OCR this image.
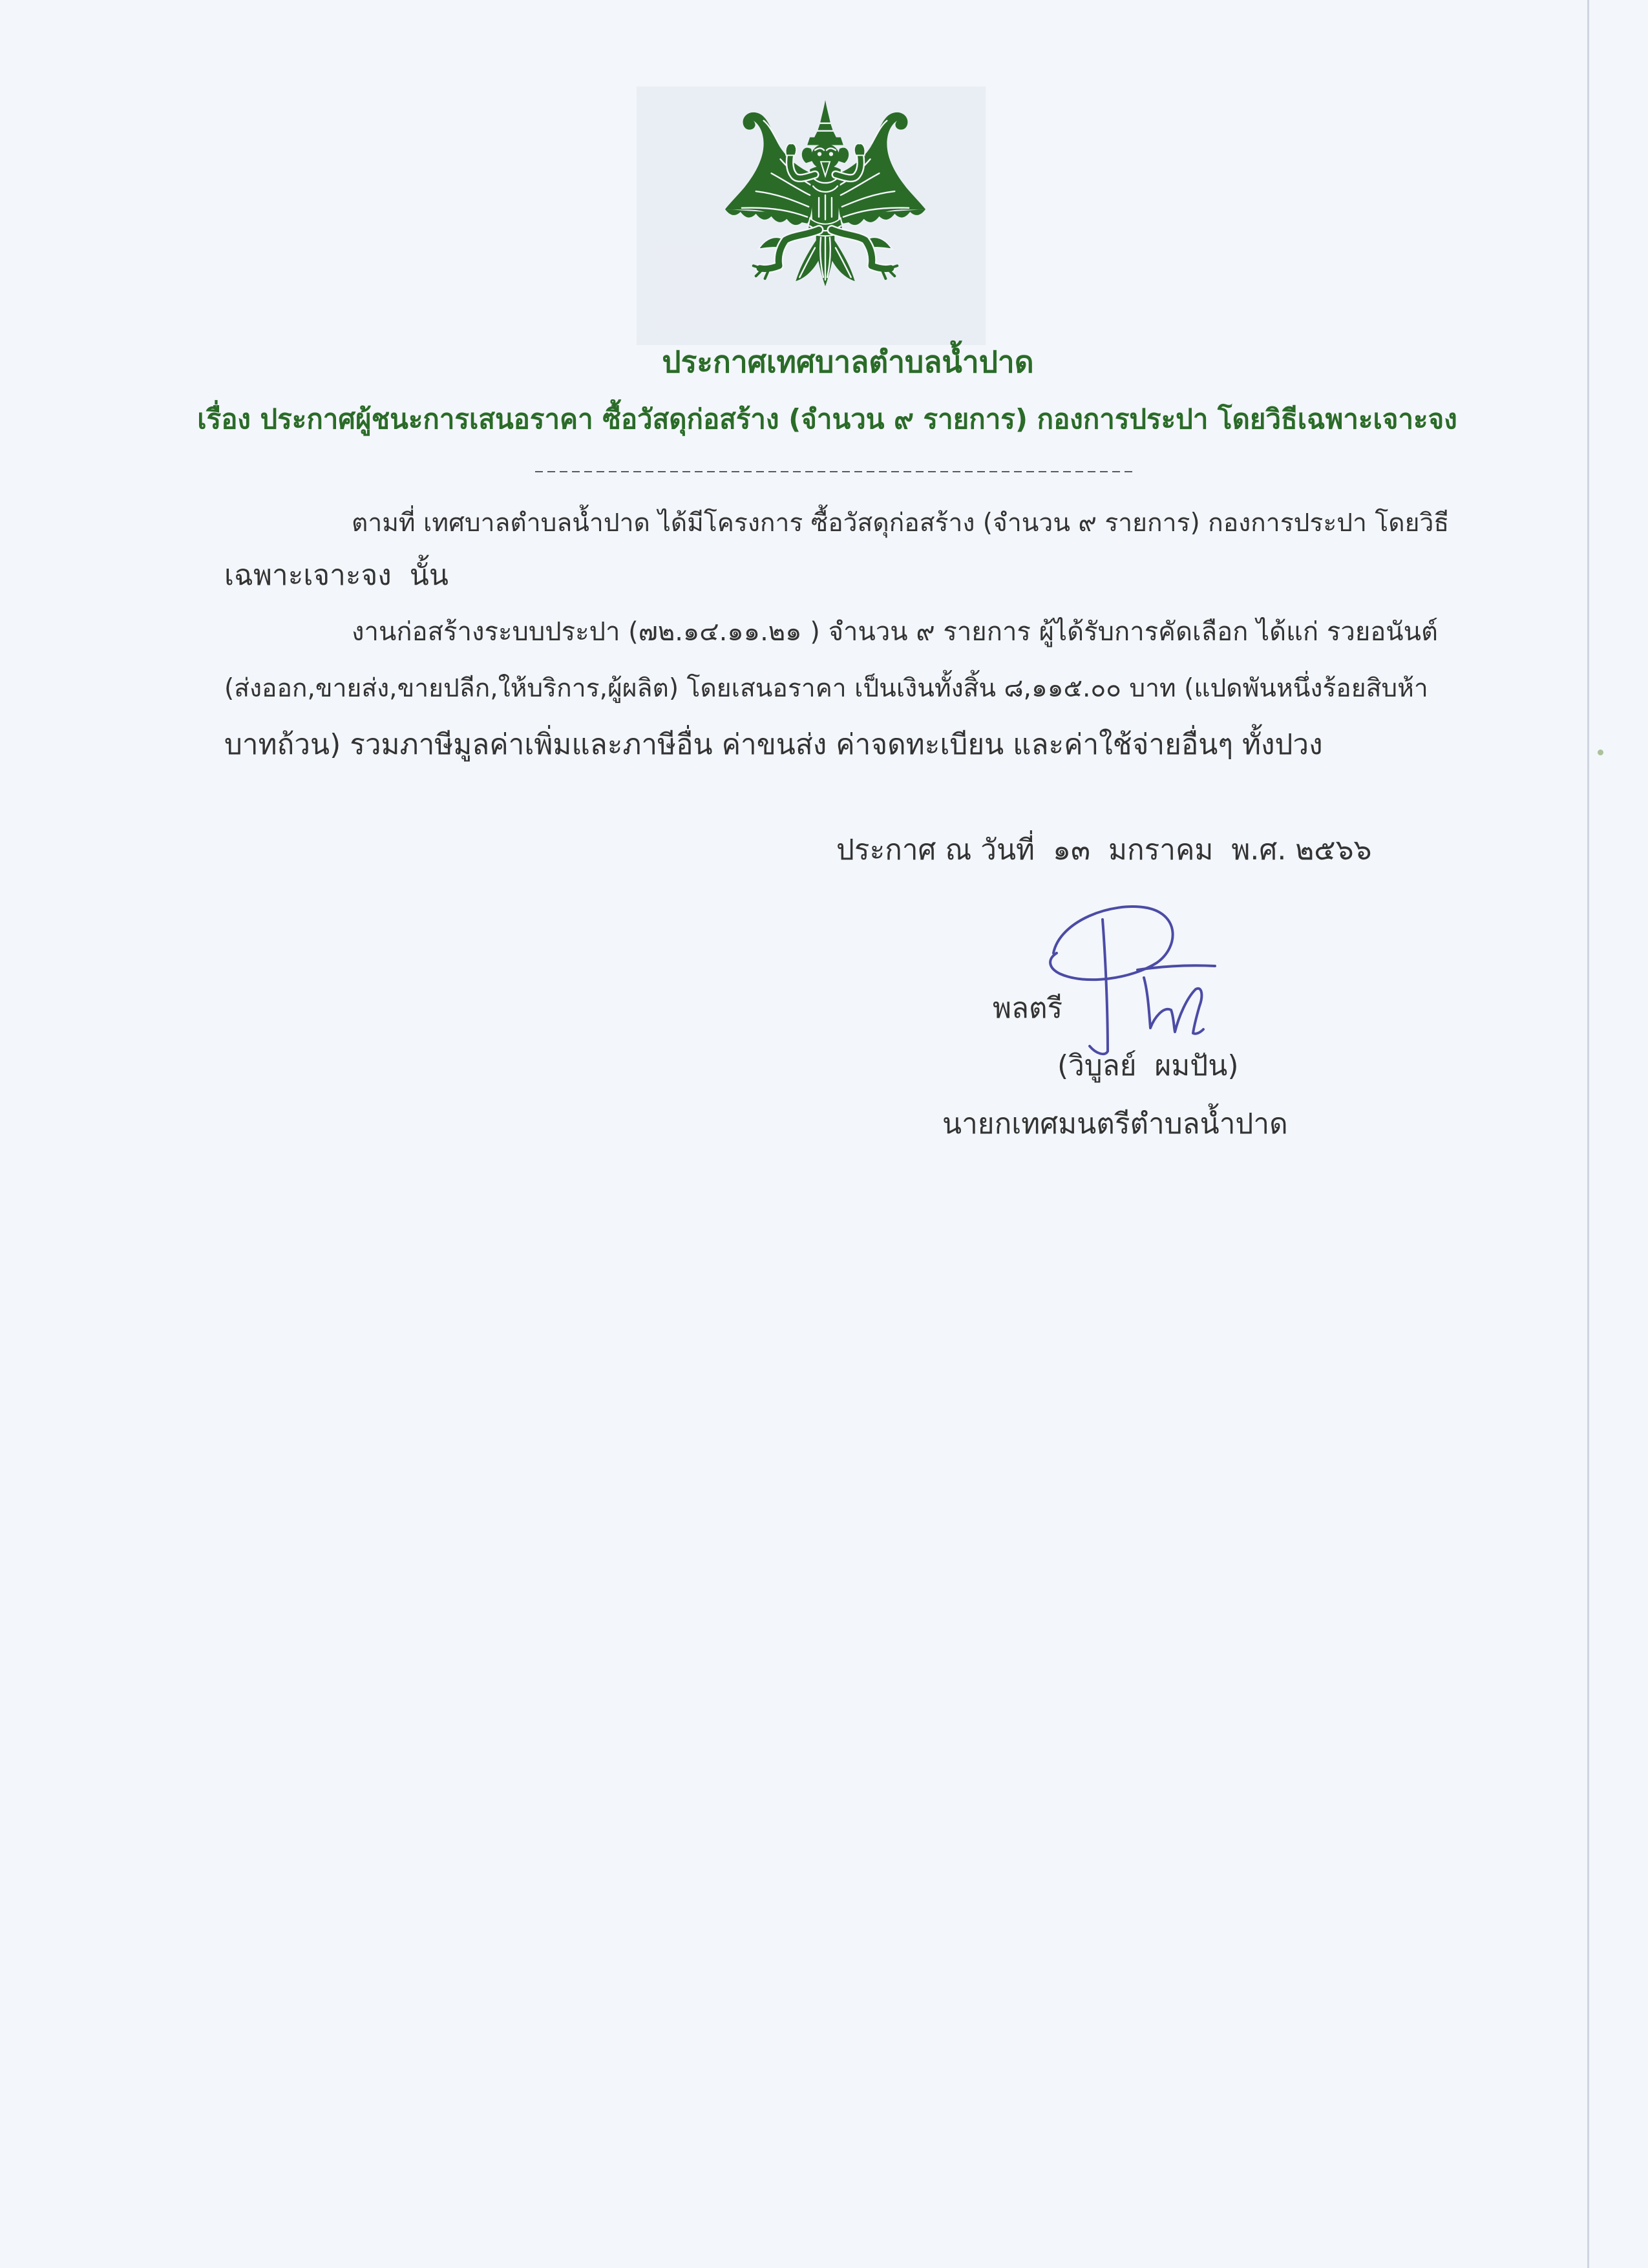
ประกาศเทศบาลตำบลน้ำปาด
เรื่อง ประกาศผู้ชนะการเสนอราคา ซื้อวัสดุก่อสร้าง (จำนวน ๙ รายการ) กองการประปา โดยวิธีเฉพาะเจาะจง
ตามที่ เทศบาลตำบลน้ำปาด ได้มีโครงการ ซื้อวัสดุก่อสร้าง (จำนวน ๙ รายการ) กองการประปา โดยวิธี
เฉพาะเจาะจง  นั้น
งานก่อสร้างระบบประปา (๗๒.๑๔.๑๑.๒๑ ) จำนวน ๙ รายการ ผู้ได้รับการคัดเลือก ได้แก่ รวยอนันต์
(ส่งออก,ขายส่ง,ขายปลีก,ให้บริการ,ผู้ผลิต) โดยเสนอราคา เป็นเงินทั้งสิ้น ๘,๑๑๕.๐๐ บาท (แปดพันหนึ่งร้อยสิบห้า
บาทถ้วน) รวมภาษีมูลค่าเพิ่มและภาษีอื่น ค่าขนส่ง ค่าจดทะเบียน และค่าใช้จ่ายอื่นๆ ทั้งปวง
ประกาศ ณ วันที่  ๑๓  มกราคม  พ.ศ. ๒๕๖๖
พลตรี
(วิบูลย์  ผมปัน)
นายกเทศมนตรีตำบลน้ำปาด
